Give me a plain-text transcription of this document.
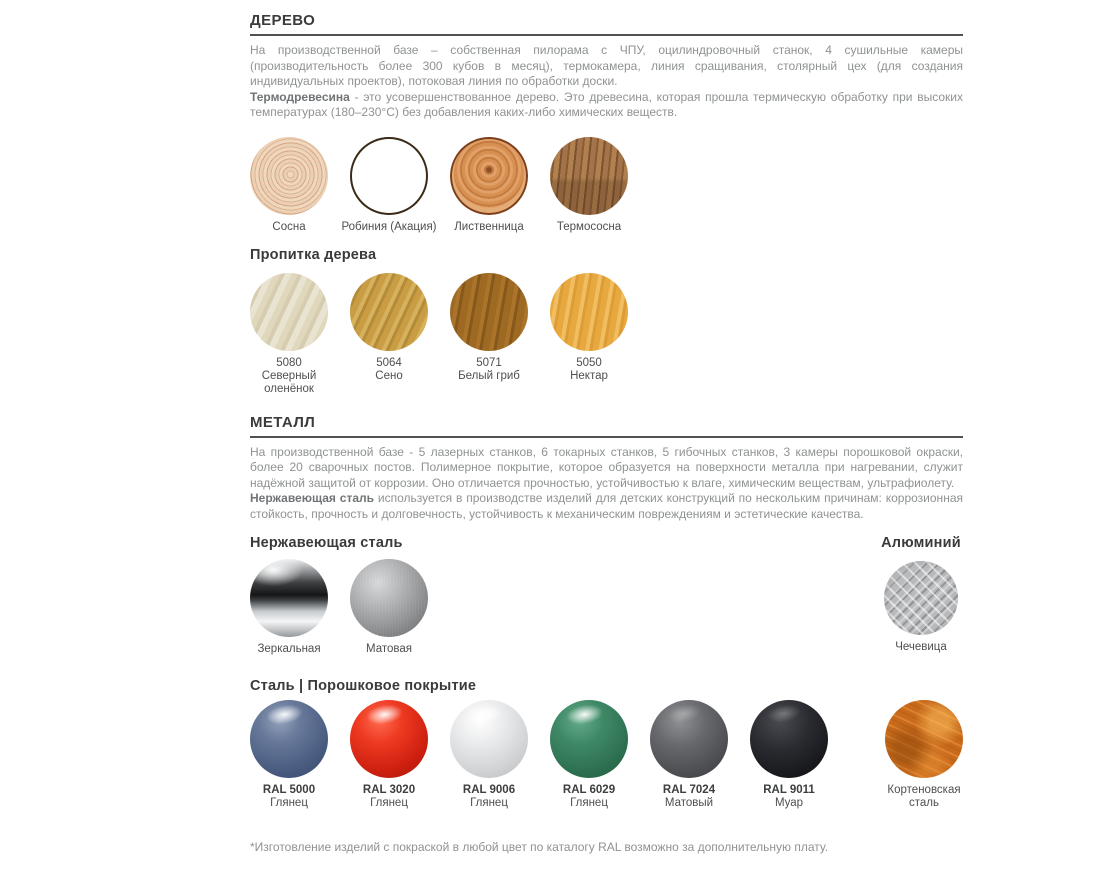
ДЕРЕВО

На производственной базе – собственная пилорама с ЧПУ, оцилиндровочный станок, 4 сушильные камеры (производительность более 300 кубов в месяц), термокамера, линия сращивания, столярный цех (для создания индивидуальных проектов), потоковая линия по обработки доски.

Термодревесина - это усовершенствованное дерево. Это древесина, которая прошла термическую обработку при высоких температурах (180–230°C) без добавления каких-либо химических веществ.

Сосна	Робиния (Акация)	Лиственница	Термососна
Пропитка дерева
5080
Северный оленёнок
5064
Сено
5071
Белый гриб
5050
Нектар
МЕТАЛЛ

На производственной базе - 5 лазерных станков, 6 токарных станков, 5 гибочных станков, 3 камеры порошковой окраски, более 20 сварочных постов. Полимерное покрытие, которое образуется на поверхности металла при нагревании, служит надёжной защитой от коррозии. Оно отличается прочностью, устойчивостью к влаге, химическим веществам, ультрафиолету.

Нержавеющая сталь используется в производстве изделий для детских конструкций по нескольким причинам: коррозионная стойкость, прочность и долговечность, устойчивость к механическим повреждениям и эстетические качества.

Нержавеющая сталь
Зеркальная	Матовая
Алюминий
Чечевица
Сталь | Порошковое покрытие
RAL 5000
Глянец
RAL 3020
Глянец
RAL 9006
Глянец
RAL 6029
Глянец
RAL 7024
Матовый
RAL 9011
Муар
Кортеновская сталь

*Изготовление изделий с покраской в любой цвет по каталогу RAL возможно за дополнительную плату.
